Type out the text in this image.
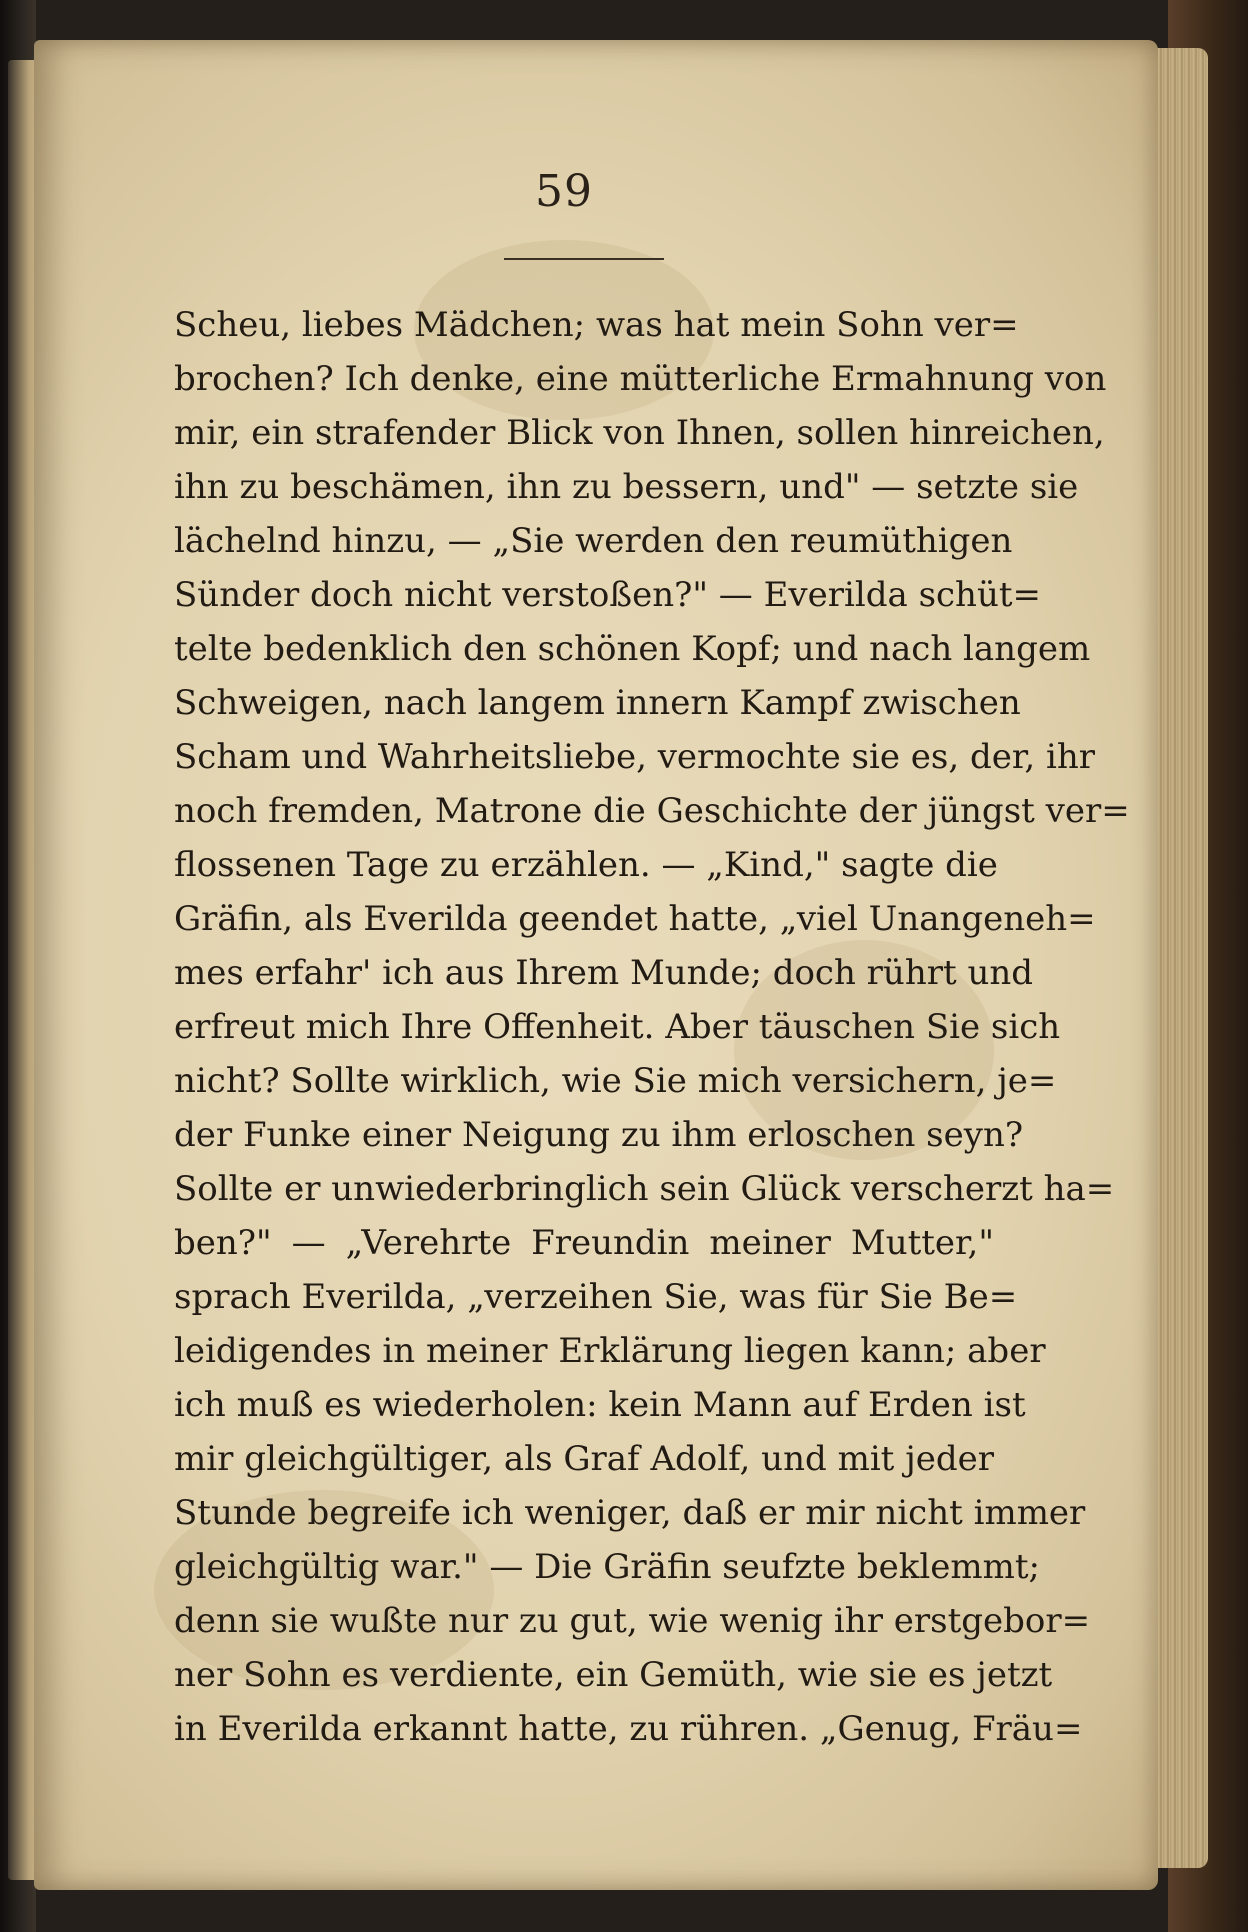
59
Scheu, liebes Mädchen; was hat mein Sohn ver=
brochen? Ich denke, eine mütterliche Ermahnung von
mir, ein strafender Blick von Ihnen, sollen hinreichen,
ihn zu beschämen, ihn zu bessern, und" — setzte sie
lächelnd hinzu, — „Sie werden den reumüthigen
Sünder doch nicht verstoßen?" — Everilda schüt=
telte bedenklich den schönen Kopf; und nach langem
Schweigen, nach langem innern Kampf zwischen
Scham und Wahrheitsliebe, vermochte sie es, der, ihr
noch fremden, Matrone die Geschichte der jüngst ver=
flossenen Tage zu erzählen. — „Kind," sagte die
Gräfin, als Everilda geendet hatte, „viel Unangeneh=
mes erfahr' ich aus Ihrem Munde; doch rührt und
erfreut mich Ihre Offenheit. Aber täuschen Sie sich
nicht? Sollte wirklich, wie Sie mich versichern, je=
der Funke einer Neigung zu ihm erloschen seyn?
Sollte er unwiederbringlich sein Glück verscherzt ha=
ben?" — „Verehrte Freundin meiner Mutter,"
sprach Everilda, „verzeihen Sie, was für Sie Be=
leidigendes in meiner Erklärung liegen kann; aber
ich muß es wiederholen: kein Mann auf Erden ist
mir gleichgültiger, als Graf Adolf, und mit jeder
Stunde begreife ich weniger, daß er mir nicht immer
gleichgültig war." — Die Gräfin seufzte beklemmt;
denn sie wußte nur zu gut, wie wenig ihr erstgebor=
ner Sohn es verdiente, ein Gemüth, wie sie es jetzt
in Everilda erkannt hatte, zu rühren. „Genug, Fräu=
